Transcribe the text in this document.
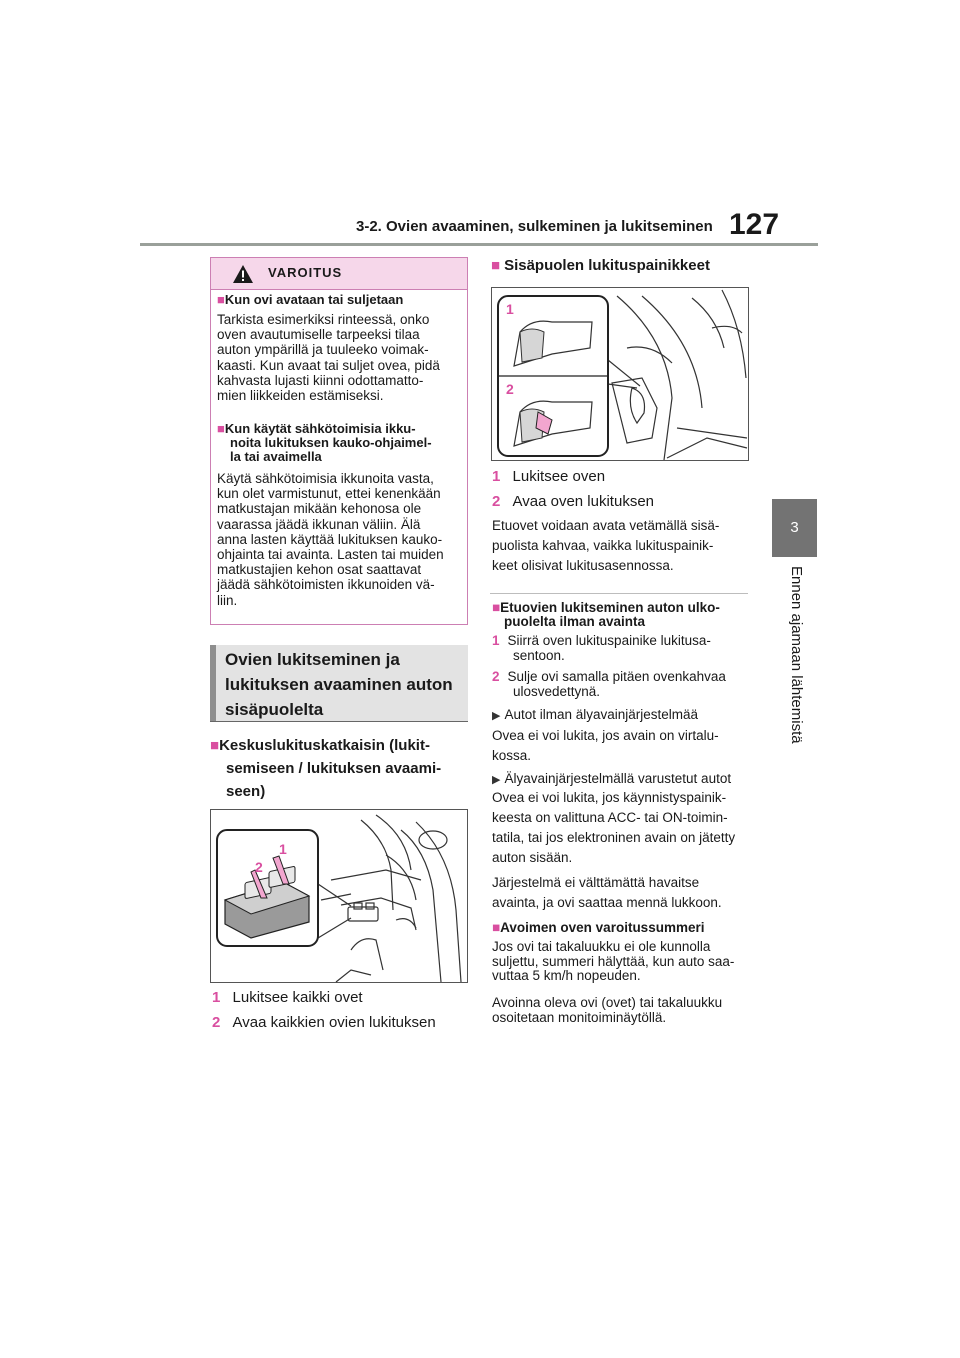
3-2. Ovien avaaminen, sulkeminen ja lukitseminen 127
3
Ennen ajamaan lähtemistä
VAROITUS
■Kun ovi avataan tai suljetaan
Tarkista esimerkiksi rinteessä, onko
oven avautumiselle tarpeeksi tilaa
auton ympärillä ja tuuleeko voimak-
kaasti. Kun avaat tai suljet ovea, pidä
kahvasta lujasti kiinni odottamatto-
mien liikkeiden estämiseksi.
■Kun käytät sähkötoimisia ikku-
noita lukituksen kauko-ohjaimel-
la tai avaimella
Käytä sähkötoimisia ikkunoita vasta,
kun olet varmistunut, ettei kenenkään
matkustajan mikään kehonosa ole
vaarassa jäädä ikkunan väliin. Älä
anna lasten käyttää lukituksen kauko-
ohjainta tai avainta. Lasten tai muiden
matkustajien kehon osat saattavat
jäädä sähkötoimisten ikkunoiden vä-
liin.
Ovien lukitseminen ja
lukituksen avaaminen auton
sisäpuolelta
■Keskuslukituskatkaisin (lukit-
semiseen / lukituksen avaami-
seen)
2
1
1 Lukitsee kaikki ovet
2 Avaa kaikkien ovien lukituksen
■ Sisäpuolen lukituspainikkeet
1
2
1 Lukitsee oven
2 Avaa oven lukituksen
Etuovet voidaan avata vetämällä sisä-
puolista kahvaa, vaikka lukituspainik-
keet olisivat lukitusasennossa.
■Etuovien lukitseminen auton ulko-
puolelta ilman avainta
1 Siirrä oven lukituspainike lukitusa-
sentoon.
2 Sulje ovi samalla pitäen ovenkahvaa
ulosvedettynä.
▶ Autot ilman älyavainjärjestelmää
Ovea ei voi lukita, jos avain on virtalu-
kossa.
▶ Älyavainjärjestelmällä varustetut autot
Ovea ei voi lukita, jos käynnistyspainik-
keesta on valittuna ACC- tai ON-toimin-
tatila, tai jos elektroninen avain on jätetty
auton sisään.
Järjestelmä ei välttämättä havaitse
avainta, ja ovi saattaa mennä lukkoon.
■Avoimen oven varoitussummeri
Jos ovi tai takaluukku ei ole kunnolla
suljettu, summeri hälyttää, kun auto saa-
vuttaa 5 km/h nopeuden.
Avoinna oleva ovi (ovet) tai takaluukku
osoitetaan monitoiminäytöllä.
